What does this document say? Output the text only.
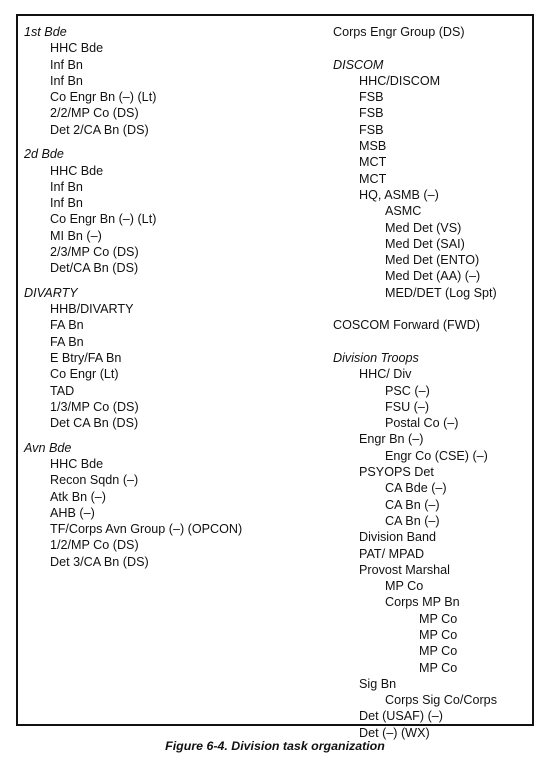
1st Bde
HHC Bde
Inf Bn
Inf Bn
Co Engr Bn (–) (Lt)
2/2/MP Co (DS)
Det 2/CA Bn (DS)
2d Bde
HHC Bde
Inf Bn
Inf Bn
Co Engr Bn (–) (Lt)
MI Bn (–)
2/3/MP Co (DS)
Det/CA Bn (DS)
DIVARTY
HHB/DIVARTY
FA Bn
FA Bn
E Btry/FA Bn
Co Engr (Lt)
TAD
1/3/MP Co (DS)
Det CA Bn (DS)
Avn Bde
HHC Bde
Recon Sqdn (–)
Atk Bn (–)
AHB (–)
TF/Corps Avn Group (–) (OPCON)
1/2/MP Co (DS)
Det 3/CA Bn (DS)
Corps Engr Group (DS)
DISCOM
HHC/DISCOM
FSB
FSB
FSB
MSB
MCT
MCT
HQ, ASMB (–)
ASMC
Med Det (VS)
Med Det (SAI)
Med Det (ENTO)
Med Det (AA) (–)
MED/DET (Log Spt)
COSCOM Forward (FWD)
Division Troops
HHC/ Div
PSC (–)
FSU (–)
Postal Co (–)
Engr Bn (–)
Engr Co (CSE) (–)
PSYOPS Det
CA Bde (–)
CA Bn (–)
CA Bn (–)
Division Band
PAT/ MPAD
Provost Marshal
MP Co
Corps MP Bn
MP Co
MP Co
MP Co
MP Co
Sig Bn
Corps Sig Co/Corps
Det (USAF) (–)
Det (–) (WX)
Figure 6-4. Division task organization
